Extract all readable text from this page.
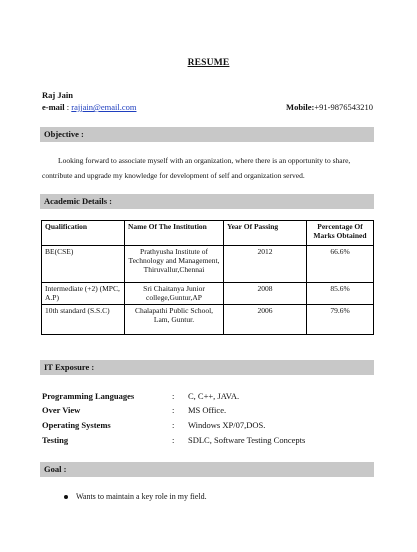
RESUME
Raj Jain
e-mail : rajjain@email.com	Mobile:+91-9876543210
Objective :
Looking forward to associate myself with an organization, where there is an opportunity to share, contribute and upgrade my knowledge for development of self and organization served.
Academic Details :
Qualification	Name Of The Institution	Year Of Passing	Percentage Of Marks Obtained
BE(CSE)	Prathyusha Institute of Technology and Management, Thiruvallur,Chennai	2012	66.6%
Intermediate (+2) (MPC, A.P)	Sri Chaitanya Junior college,Guntur,AP	2008	85.6%
10th standard (S.S.C)	Chalapathi Public School, Lam, Guntur.	2006	79.6%
IT Exposure :
Programming Languages	: C, C++, JAVA.
Over View	: MS Office.
Operating Systems	: Windows XP/07,DOS.
Testing	: SDLC, Software Testing Concepts
Goal :
Wants to maintain a key role in my field.
